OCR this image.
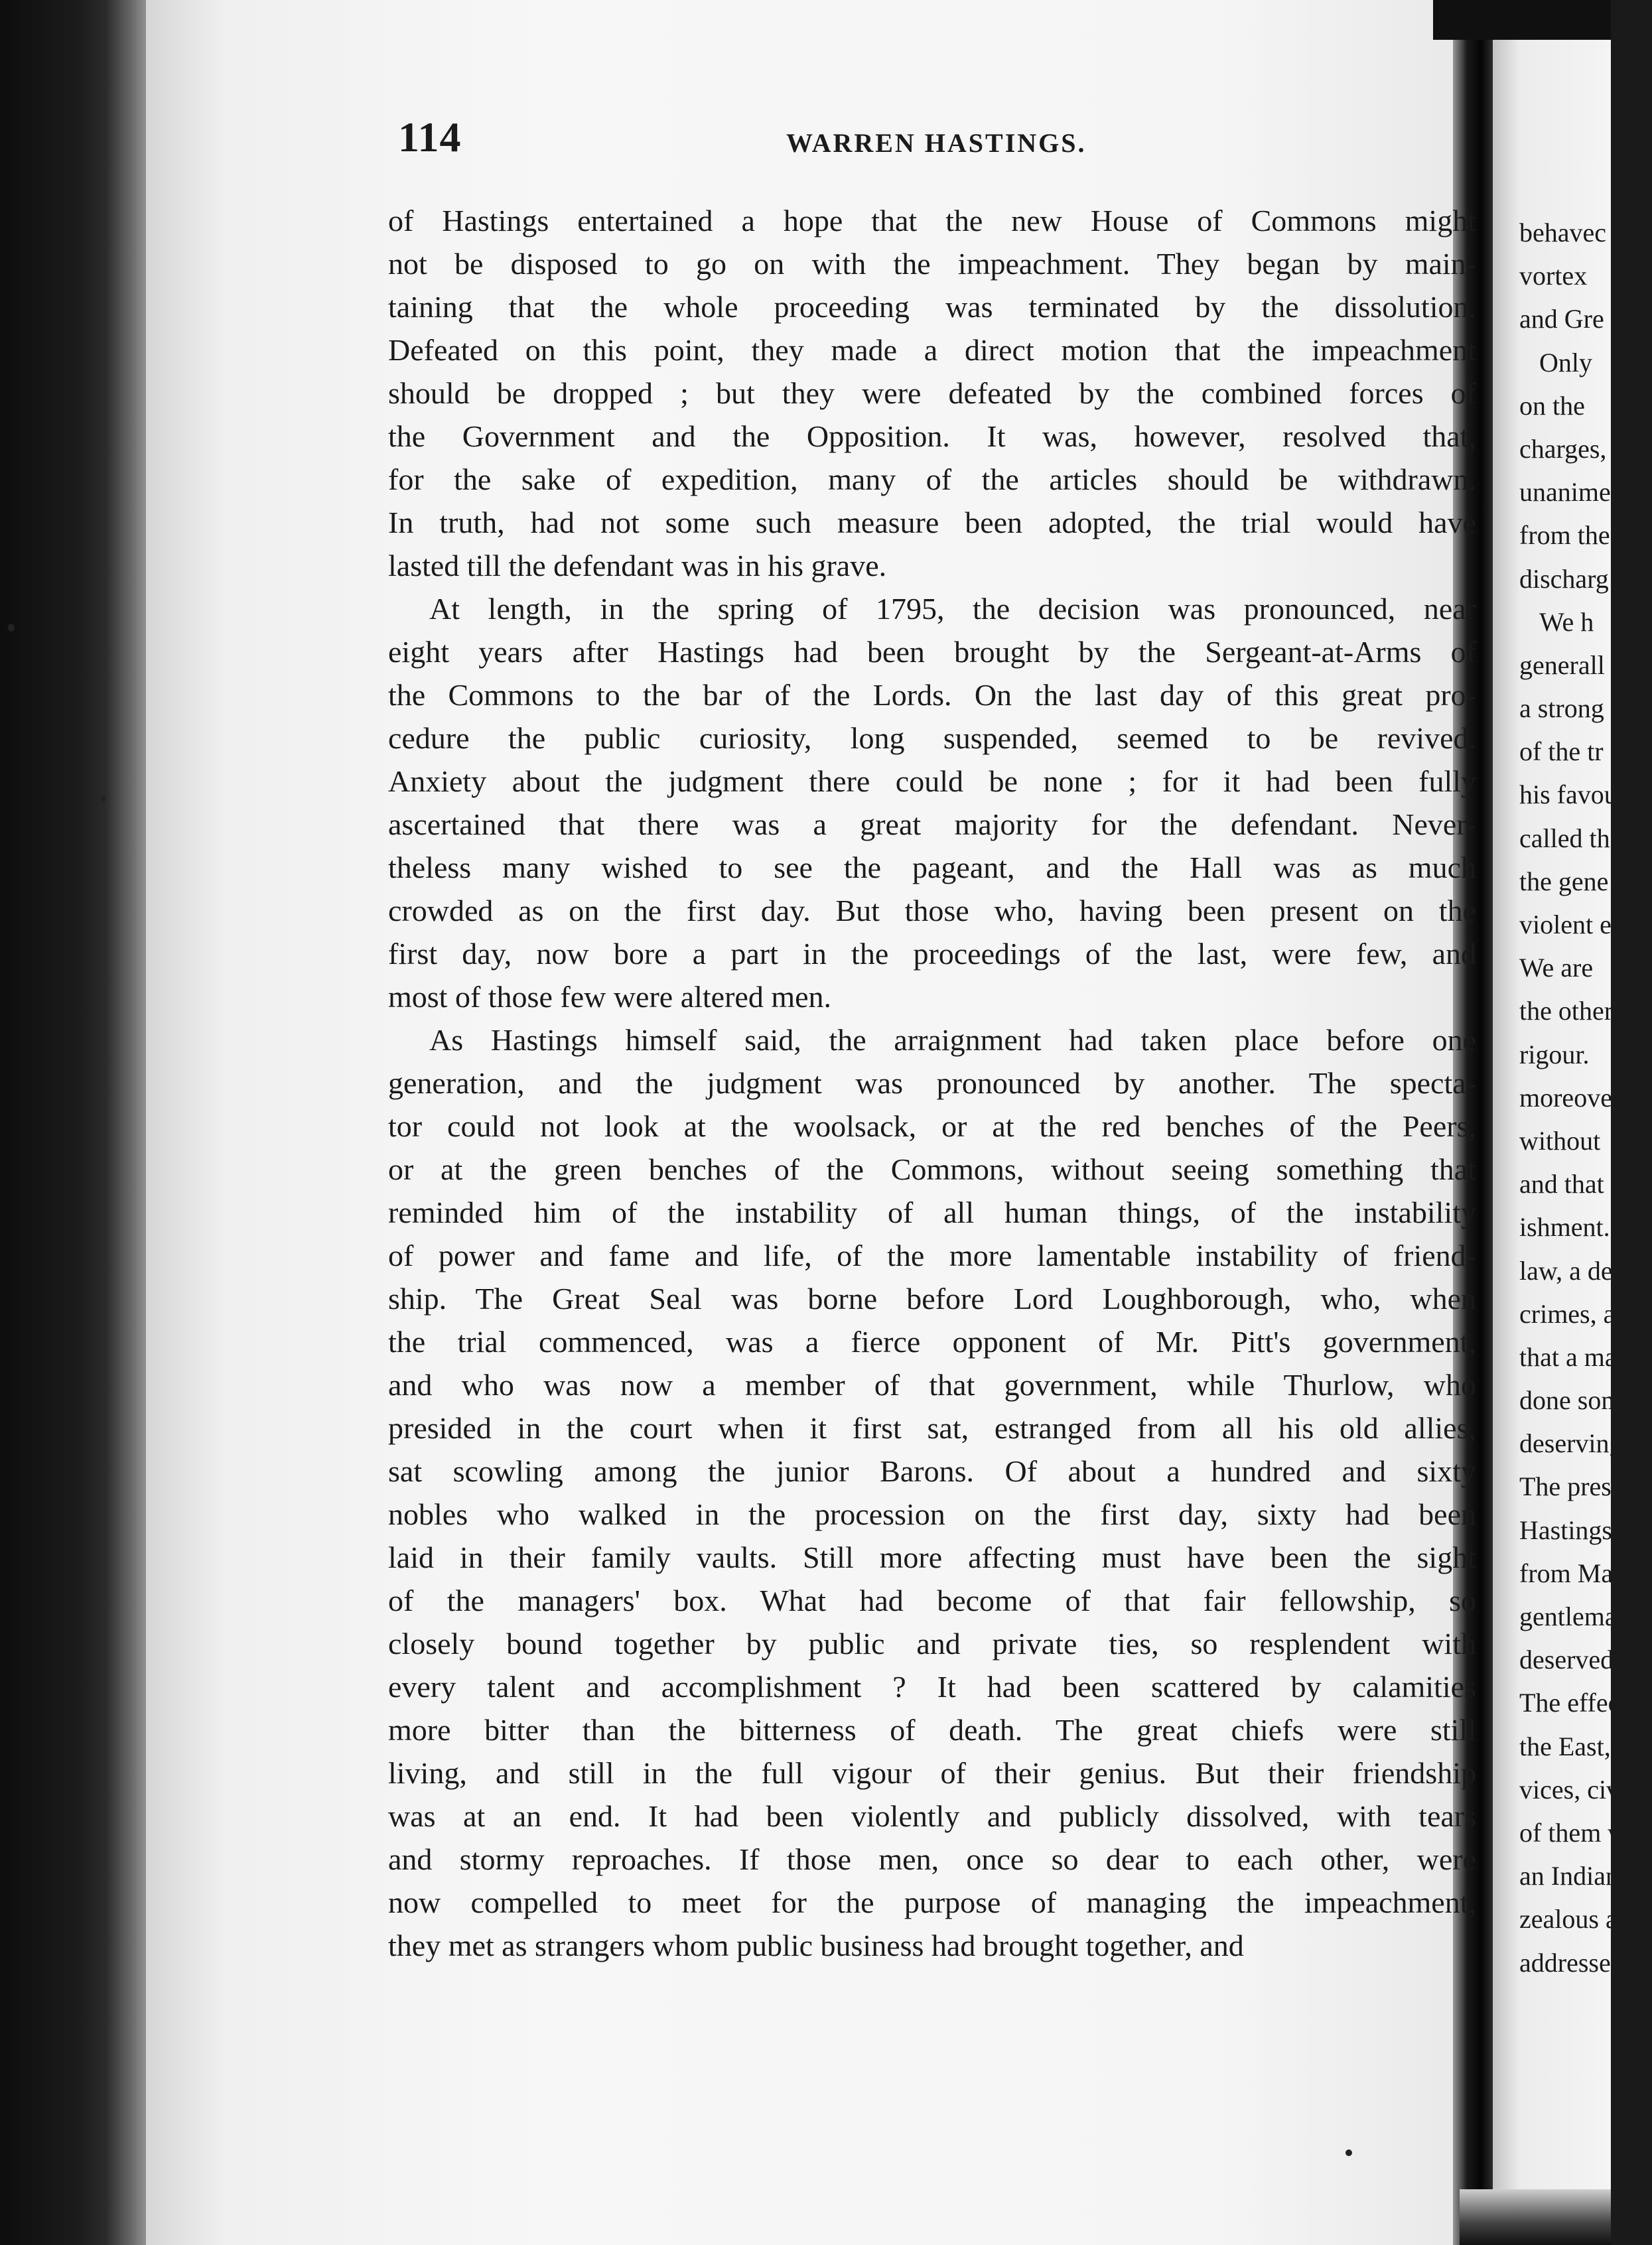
114	WARREN HASTINGS.
of Hastings entertained a hope that the new House of Commons might
not be disposed to go on with the impeachment. They began by main-
taining that the whole proceeding was terminated by the dissolution.
Defeated on this point, they made a direct motion that the impeachment
should be dropped ; but they were defeated by the combined forces of
the Government and the Opposition. It was, however, resolved that,
for the sake of expedition, many of the articles should be withdrawn.
In truth, had not some such measure been adopted, the trial would have
lasted till the defendant was in his grave.
At length, in the spring of 1795, the decision was pronounced, near
eight years after Hastings had been brought by the Sergeant-at-Arms of
the Commons to the bar of the Lords. On the last day of this great pro-
cedure the public curiosity, long suspended, seemed to be revived.
Anxiety about the judgment there could be none ; for it had been fully
ascertained that there was a great majority for the defendant. Never-
theless many wished to see the pageant, and the Hall was as much
crowded as on the first day. But those who, having been present on the
first day, now bore a part in the proceedings of the last, were few, and
most of those few were altered men.
As Hastings himself said, the arraignment had taken place before one
generation, and the judgment was pronounced by another. The specta-
tor could not look at the woolsack, or at the red benches of the Peers,
or at the green benches of the Commons, without seeing something that
reminded him of the instability of all human things, of the instability
of power and fame and life, of the more lamentable instability of friend-
ship. The Great Seal was borne before Lord Loughborough, who, when
the trial commenced, was a fierce opponent of Mr. Pitt's government,
and who was now a member of that government, while Thurlow, who
presided in the court when it first sat, estranged from all his old allies,
sat scowling among the junior Barons. Of about a hundred and sixty
nobles who walked in the procession on the first day, sixty had been
laid in their family vaults. Still more affecting must have been the sight
of the managers' box. What had become of that fair fellowship, so
closely bound together by public and private ties, so resplendent with
every talent and accomplishment ? It had been scattered by calamities
more bitter than the bitterness of death. The great chiefs were still
living, and still in the full vigour of their genius. But their friendship
was at an end. It had been violently and publicly dissolved, with tears
and stormy reproaches. If those men, once so dear to each other, were
now compelled to meet for the purpose of managing the impeachment,
they met as strangers whom public business had brought together, and
behavec
vortex
and Gre
Only
on the
charges,
unanime
from the
discharg
We h
generall
a strong
of the tr
his favou
called th
the gene
violent e
We are
the other
rigour.
moreover
without
and that
ishment.
law, a de
crimes, a
that a ma
done som
deserving
The pres
Hastings
from Mad
gentleman
deserved
The effect
the East,
vices, civi
of them w
an Indian
zealous a
addresses
